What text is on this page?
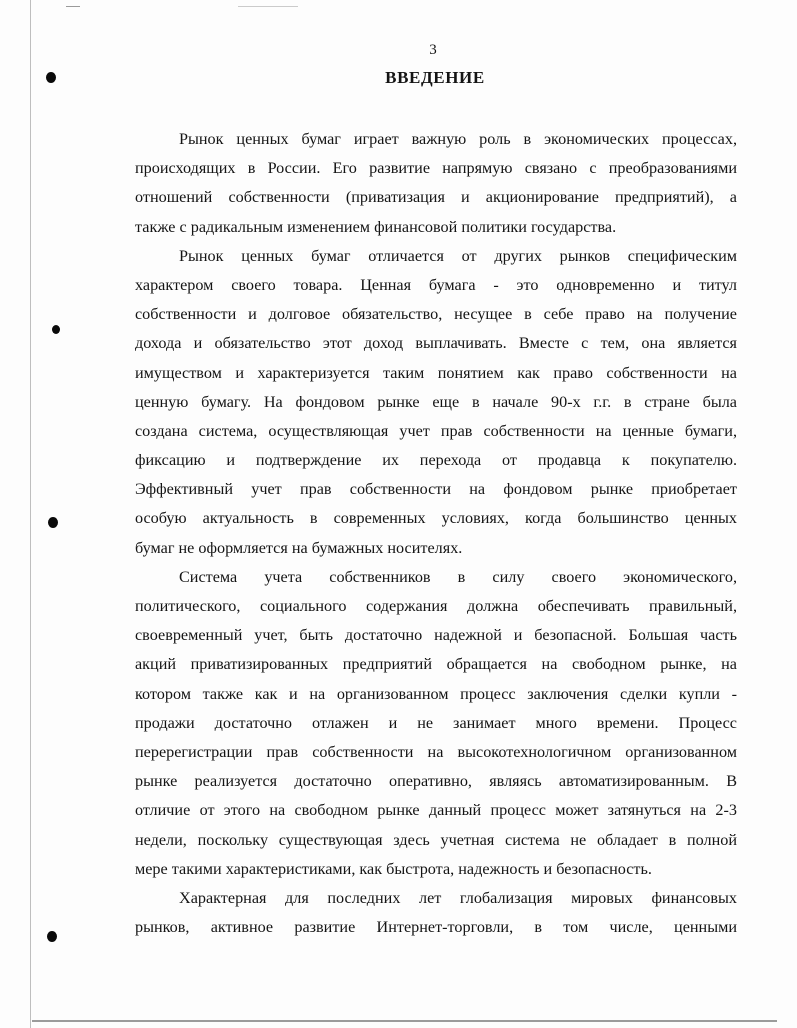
3
ВВЕДЕНИЕ
Рынок ценных бумаг играет важную роль в экономических процессах,
происходящих в России. Его развитие напрямую связано с преобразованиями
отношений собственности (приватизация и акционирование предприятий), а
также с радикальным изменением финансовой политики государства.
Рынок ценных бумаг отличается от других рынков специфическим
характером своего товара. Ценная бумага - это одновременно и титул
собственности и долговое обязательство, несущее в себе право на получение
дохода и обязательство этот доход выплачивать. Вместе с тем, она является
имуществом и характеризуется таким понятием как право собственности на
ценную бумагу. На фондовом рынке еще в начале 90-х г.г. в стране была
создана система, осуществляющая учет прав собственности на ценные бумаги,
фиксацию и подтверждение их перехода от продавца к покупателю.
Эффективный учет прав собственности на фондовом рынке приобретает
особую актуальность в современных условиях, когда большинство ценных
бумаг не оформляется на бумажных носителях.
Система учета собственников в силу своего экономического,
политического, социального содержания должна обеспечивать правильный,
своевременный учет, быть достаточно надежной и безопасной. Большая часть
акций приватизированных предприятий обращается на свободном рынке, на
котором также как и на организованном процесс заключения сделки купли -
продажи достаточно отлажен и не занимает много времени. Процесс
перерегистрации прав собственности на высокотехнологичном организованном
рынке реализуется достаточно оперативно, являясь автоматизированным. В
отличие от этого на свободном рынке данный процесс может затянуться на 2-3
недели, поскольку существующая здесь учетная система не обладает в полной
мере такими характеристиками, как быстрота, надежность и безопасность.
Характерная для последних лет глобализация мировых финансовых
рынков, активное развитие Интернет-торговли, в том числе, ценными
